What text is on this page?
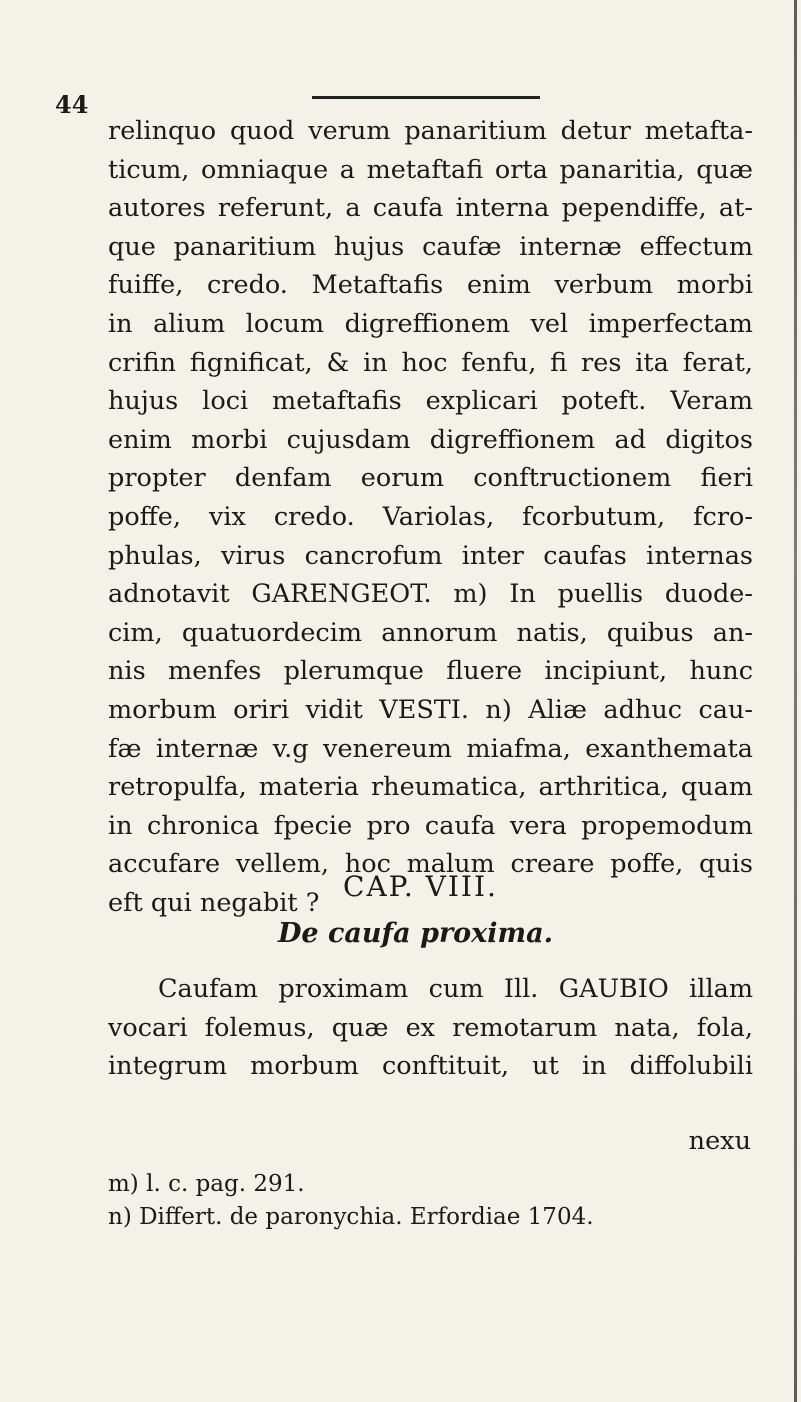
44
relinquo quod verum panaritium detur metafta-
ticum, omniaque a metaftafi orta panaritia, quæ
autores referunt, a caufa interna pependiffe, at-
que panaritium hujus caufæ internæ effectum
fuiffe, credo. Metaftafis enim verbum morbi
in alium locum digreffionem vel imperfectam
crifin fignificat, & in hoc fenfu, fi res ita ferat,
hujus loci metaftafis explicari poteft. Veram
enim morbi cujusdam digreffionem ad digitos
propter denfam eorum conftructionem fieri
poffe, vix credo. Variolas, fcorbutum, fcro-
phulas, virus cancrofum inter caufas internas
adnotavit GARENGEOT. m) In puellis duode-
cim, quatuordecim annorum natis, quibus an-
nis menfes plerumque fluere incipiunt, hunc
morbum oriri vidit VESTI. n) Aliæ adhuc cau-
fæ internæ v.g venereum miafma, exanthemata
retropulfa, materia rheumatica, arthritica, quam
in chronica fpecie pro caufa vera propemodum
accufare vellem, hoc malum creare poffe, quis
eft qui negabit ? CAP. VIII.
De caufa proxima.
Caufam proximam cum Ill. GAUBIO illam
vocari folemus, quæ ex remotarum nata, fola,
integrum morbum conftituit, ut in diffolubili
nexu
m) l. c. pag. 291.
n) Differt. de paronychia. Erfordiae 1704.
